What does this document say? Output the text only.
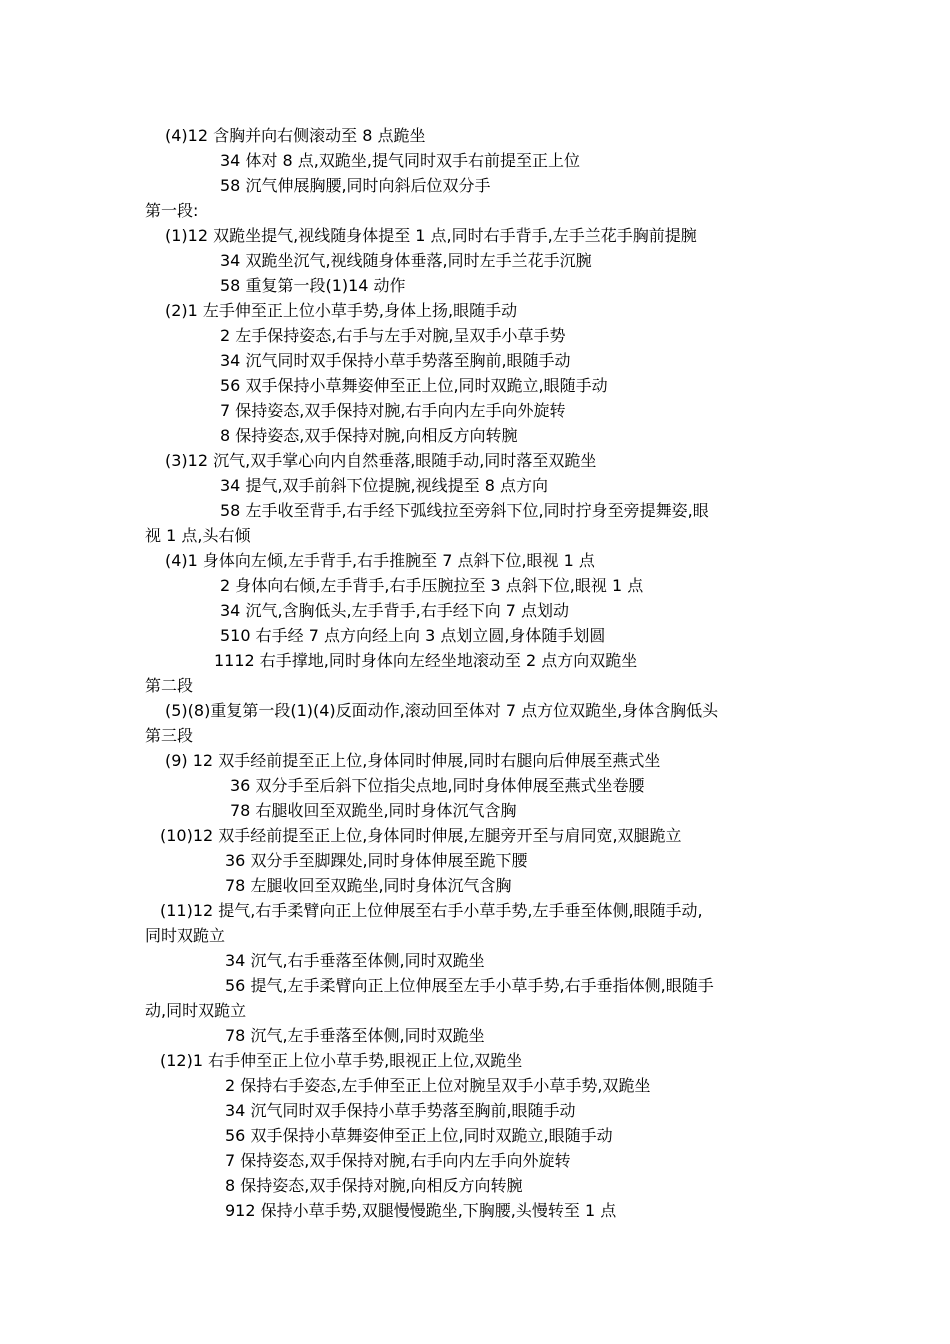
(4)12 含胸并向右侧滚动至 8 点跪坐
34 体对 8 点,双跪坐,提气同时双手右前提至正上位
58 沉气伸展胸腰,同时向斜后位双分手
第一段:
(1)12 双跪坐提气,视线随身体提至 1 点,同时右手背手,左手兰花手胸前提腕
34 双跪坐沉气,视线随身体垂落,同时左手兰花手沉腕
58 重复第一段(1)14 动作
(2)1 左手伸至正上位小草手势,身体上扬,眼随手动
2 左手保持姿态,右手与左手对腕,呈双手小草手势
34 沉气同时双手保持小草手势落至胸前,眼随手动
56 双手保持小草舞姿伸至正上位,同时双跪立,眼随手动
7 保持姿态,双手保持对腕,右手向内左手向外旋转
8 保持姿态,双手保持对腕,向相反方向转腕
(3)12 沉气,双手掌心向内自然垂落,眼随手动,同时落至双跪坐
34 提气,双手前斜下位提腕,视线提至 8 点方向
58 左手收至背手,右手经下弧线拉至旁斜下位,同时拧身至旁提舞姿,眼
视 1 点,头右倾
(4)1 身体向左倾,左手背手,右手推腕至 7 点斜下位,眼视 1 点
2 身体向右倾,左手背手,右手压腕拉至 3 点斜下位,眼视 1 点
34 沉气,含胸低头,左手背手,右手经下向 7 点划动
510 右手经 7 点方向经上向 3 点划立圆,身体随手划圆
1112 右手撑地,同时身体向左经坐地滚动至 2 点方向双跪坐
第二段
(5)(8)重复第一段(1)(4)反面动作,滚动回至体对 7 点方位双跪坐,身体含胸低头
第三段
(9) 12 双手经前提至正上位,身体同时伸展,同时右腿向后伸展至燕式坐
36 双分手至后斜下位指尖点地,同时身体伸展至燕式坐卷腰
78 右腿收回至双跪坐,同时身体沉气含胸
(10)12 双手经前提至正上位,身体同时伸展,左腿旁开至与肩同宽,双腿跪立
36 双分手至脚踝处,同时身体伸展至跪下腰
78 左腿收回至双跪坐,同时身体沉气含胸
(11)12 提气,右手柔臂向正上位伸展至右手小草手势,左手垂至体侧,眼随手动,
同时双跪立
34 沉气,右手垂落至体侧,同时双跪坐
56 提气,左手柔臂向正上位伸展至左手小草手势,右手垂指体侧,眼随手
动,同时双跪立
78 沉气,左手垂落至体侧,同时双跪坐
(12)1 右手伸至正上位小草手势,眼视正上位,双跪坐
2 保持右手姿态,左手伸至正上位对腕呈双手小草手势,双跪坐
34 沉气同时双手保持小草手势落至胸前,眼随手动
56 双手保持小草舞姿伸至正上位,同时双跪立,眼随手动
7 保持姿态,双手保持对腕,右手向内左手向外旋转
8 保持姿态,双手保持对腕,向相反方向转腕
912 保持小草手势,双腿慢慢跪坐,下胸腰,头慢转至 1 点
